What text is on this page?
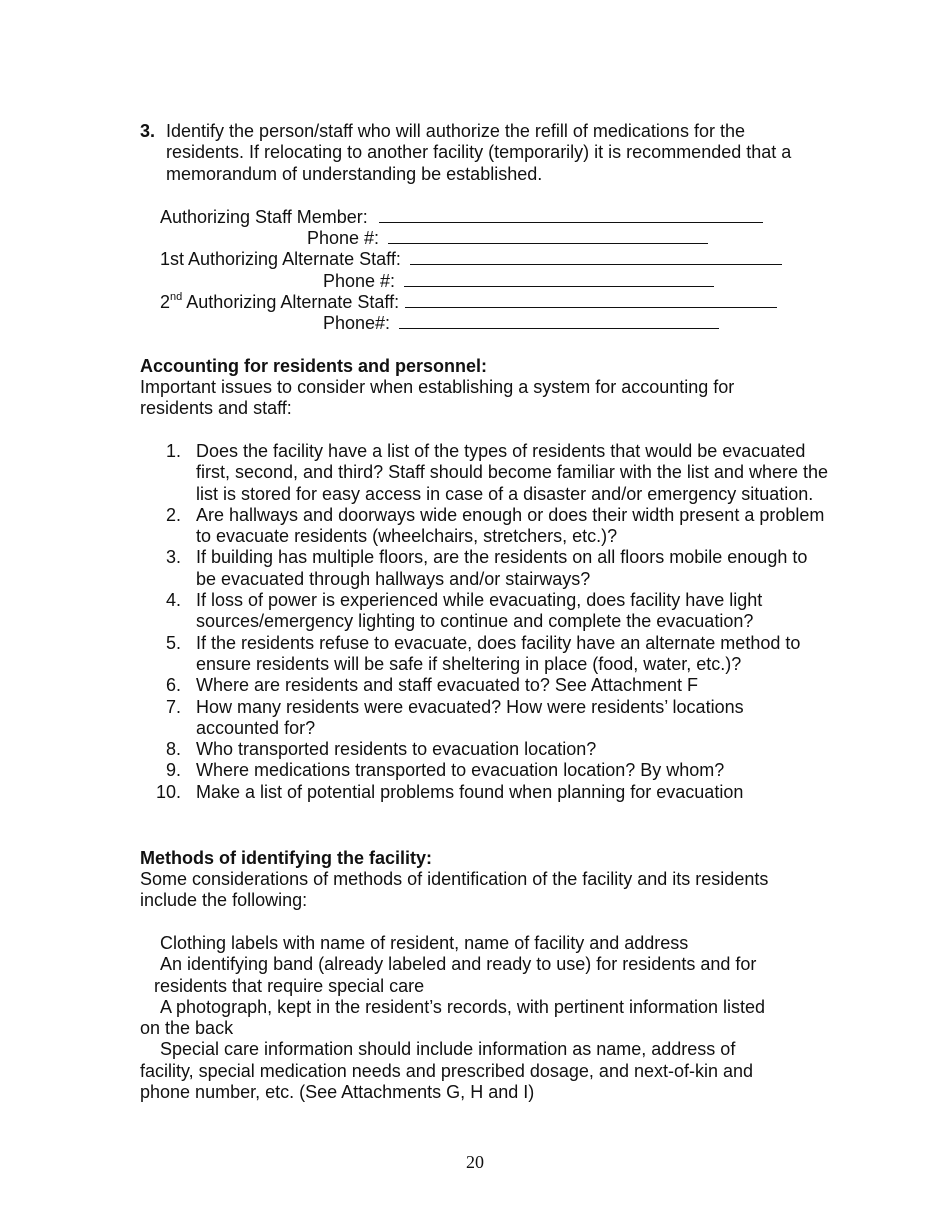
3. Identify the person/staff who will authorize the refill of medications for the residents. If relocating to another facility (temporarily) it is recommended that a memorandum of understanding be established.
Authorizing Staff Member:
Phone #:
1st Authorizing Alternate Staff:
Phone #:
2nd Authorizing Alternate Staff:
Phone#:
Accounting for residents and personnel:
Important issues to consider when establishing a system for accounting for residents and staff:
1. Does the facility have a list of the types of residents that would be evacuated first, second, and third? Staff should become familiar with the list and where the list is stored for easy access in case of a disaster and/or emergency situation.
2. Are hallways and doorways wide enough or does their width present a problem to evacuate residents (wheelchairs, stretchers, etc.)?
3. If building has multiple floors, are the residents on all floors mobile enough to be evacuated through hallways and/or stairways?
4. If loss of power is experienced while evacuating, does facility have light sources/emergency lighting to continue and complete the evacuation?
5. If the residents refuse to evacuate, does facility have an alternate method to ensure residents will be safe if sheltering in place (food, water, etc.)?
6. Where are residents and staff evacuated to? See Attachment F
7. How many residents were evacuated? How were residents’ locations accounted for?
8. Who transported residents to evacuation location?
9. Where medications transported to evacuation location? By whom?
10. Make a list of potential problems found when planning for evacuation
Methods of identifying the facility:
Some considerations of methods of identification of the facility and its residents include the following:
Clothing labels with name of resident, name of facility and address
An identifying band (already labeled and ready to use) for residents and for
residents that require special care
A photograph, kept in the resident’s records, with pertinent information listed
on the back
Special care information should include information as name, address of
facility, special medication needs and prescribed dosage, and next-of-kin and
phone number, etc. (See Attachments G, H and I)
20
